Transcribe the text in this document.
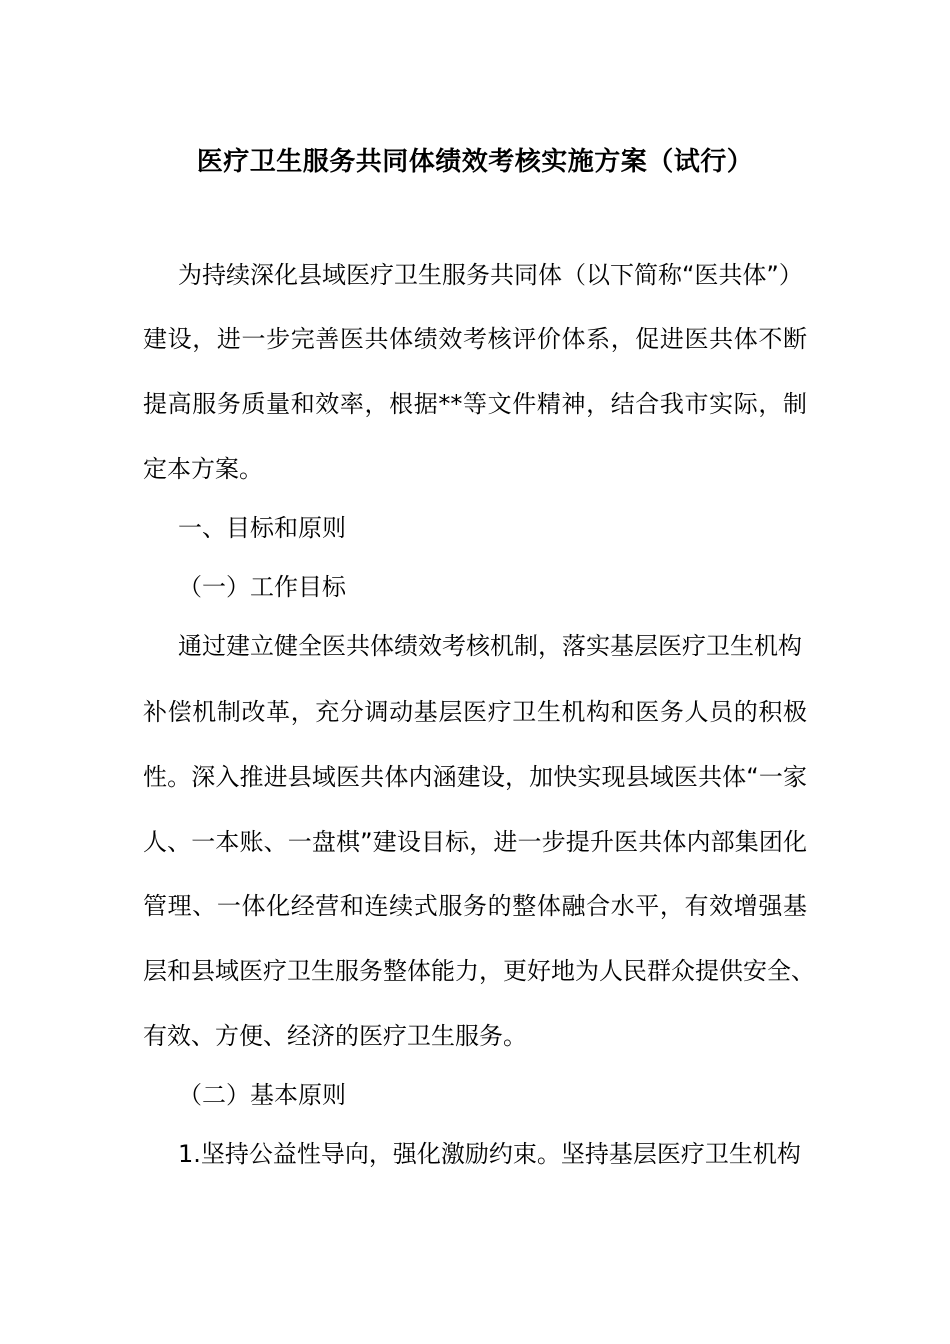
医疗卫生服务共同体绩效考核实施方案（试行）
为持续深化县域医疗卫生服务共同体（以下简称“医共体”）
建设，进一步完善医共体绩效考核评价体系，促进医共体不断
提高服务质量和效率，根据**等文件精神，结合我市实际，制
定本方案。
一、目标和原则
（一）工作目标
通过建立健全医共体绩效考核机制，落实基层医疗卫生机构
补偿机制改革，充分调动基层医疗卫生机构和医务人员的积极
性。深入推进县域医共体内涵建设，加快实现县域医共体“一家
人、一本账、一盘棋”建设目标，进一步提升医共体内部集团化
管理、一体化经营和连续式服务的整体融合水平，有效增强基
层和县域医疗卫生服务整体能力，更好地为人民群众提供安全、
有效、方便、经济的医疗卫生服务。
（二）基本原则
1.坚持公益性导向，强化激励约束。坚持基层医疗卫生机构
